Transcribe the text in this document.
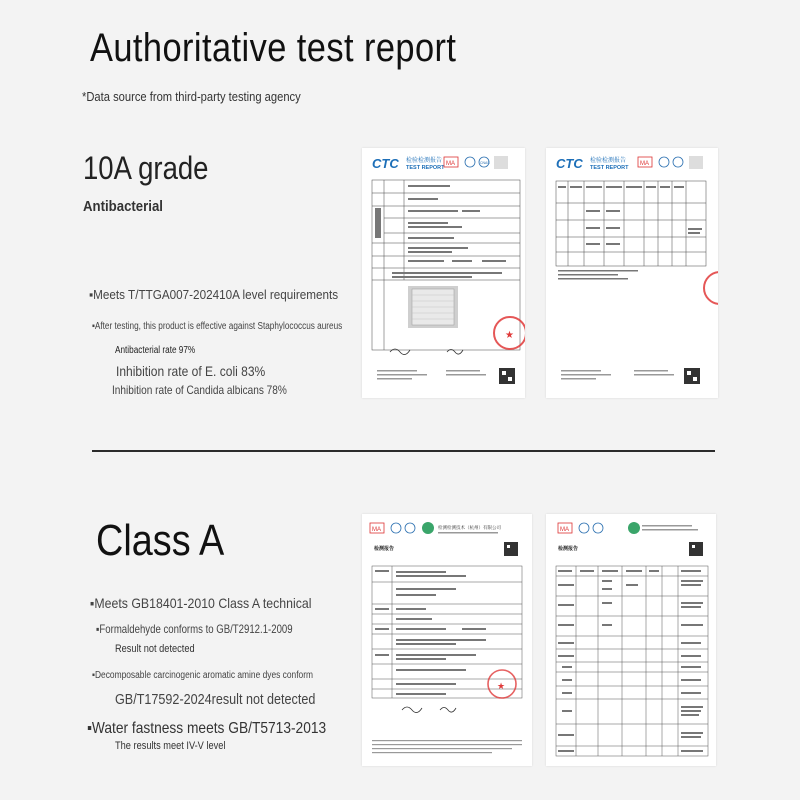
Authoritative test report
*Data source from third-party testing agency
10A grade
Antibacterial
▪Meets T/TTGA007-202410A level requirements
▪After testing, this product is effective against Staphylococcus aureus
Antibacterial rate 97%
Inhibition rate of E. coli 83%
Inhibition rate of Candida albicans 78%
CTC 检验检测报告
TEST REPORT
MA	CNAS
★
CTC 检验检测报告
TEST REPORT
MA
Class A
▪Meets GB18401-2010 Class A technical
▪Formaldehyde conforms to GB/T2912.1-2009
Result not detected
▪Decomposable carcinogenic aromatic amine dyes conform
GB/T17592-2024result not detected
▪Water fastness meets GB/T5713-2013
The results meet IV-V level
MA	检测检测技术（杭州）有限公司
检测报告
★
MA
检测报告
